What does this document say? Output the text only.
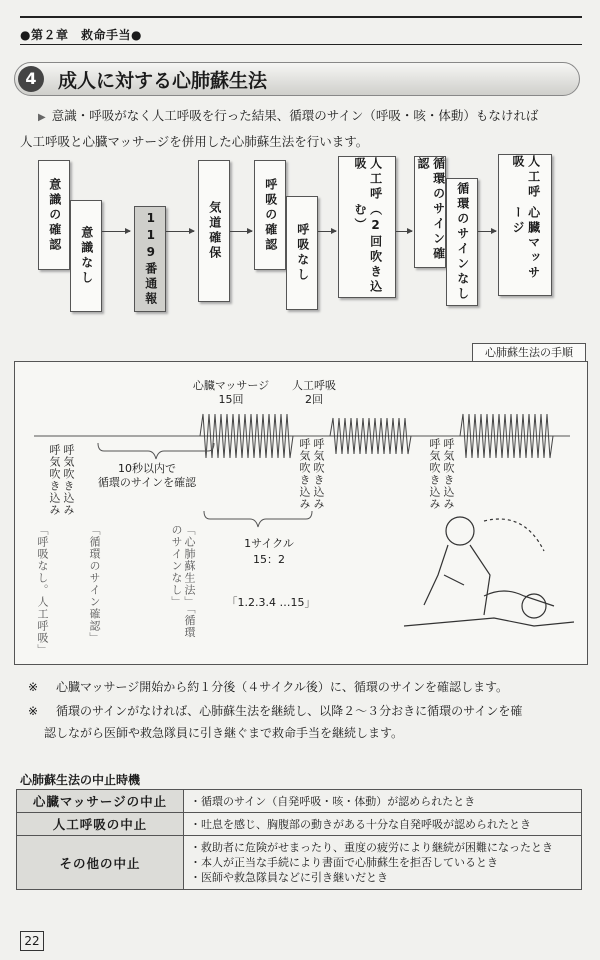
●第２章　救命手当●
4	成人に対する心肺蘇生法
▶ 意識・呼吸がなく人工呼吸を行った結果、循環のサイン（呼吸・咳・体動）もなければ
人工呼吸と心臓マッサージを併用した心肺蘇生法を行います。
意識の確認
意識なし	119番通報	気道確保	呼吸の確認
呼吸なし
人工呼吸
（2回吹き込む）	循環のサイン確認
循環のサインなし
人工呼吸
心臓マッサージ
心肺蘇生法の手順
心臓マッサージ
15回
人工呼吸
2回
呼気吹き込み 呼気吹き込み	10秒以内で
循環のサインを確認	呼気吹き込み 呼気吹き込み	呼気吹き込み 呼気吹き込み
1サイクル
15：2
「1.2.3.4 …15」
「呼吸なし。人工呼吸」	「循環のサイン確認」	「心肺蘇生法」「循環のサインなし」
※ 心臓マッサージ開始から約１分後（４サイクル後）に、循環のサインを確認します。
※ 循環のサインがなければ、心肺蘇生法を継続し、以降２～３分おきに循環のサインを確
認しながら医師や救急隊員に引き継ぐまで救命手当を継続します。
心肺蘇生法の中止時機
心臓マッサージの中止	・循環のサイン（自発呼吸・咳・体動）が認められたとき
人工呼吸の中止	・吐息を感じ、胸腹部の動きがある十分な自発呼吸が認められたとき
その他の中止	・救助者に危険がせまったり、重度の疲労により継続が困難になったとき
・本人が正当な手続により書面で心肺蘇生を拒否しているとき
・医師や救急隊員などに引き継いだとき
22
